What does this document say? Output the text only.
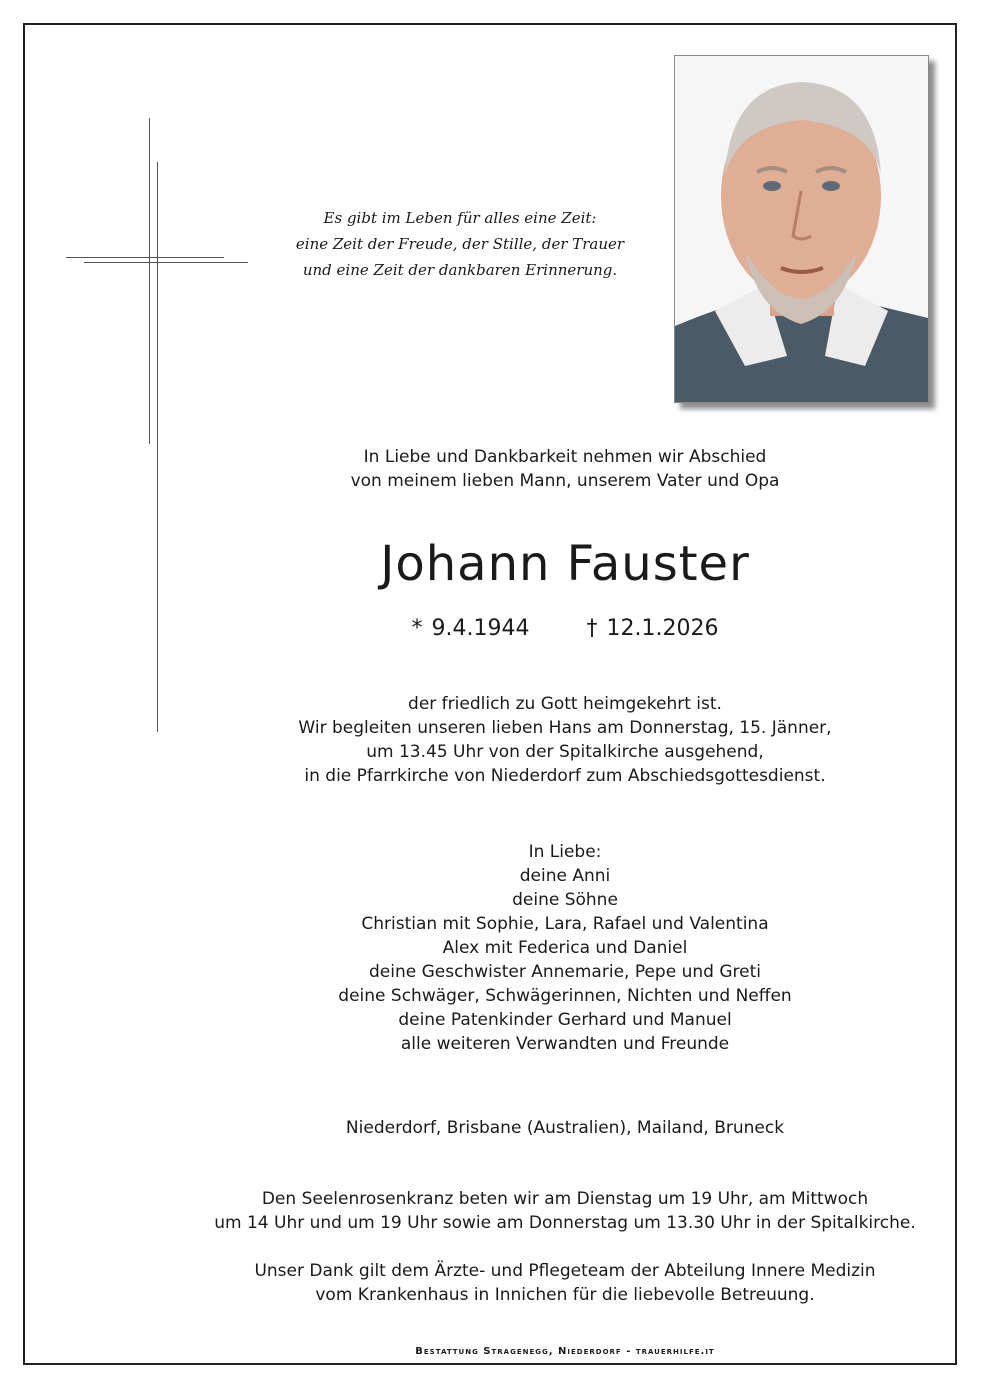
Es gibt im Leben für alles eine Zeit:
eine Zeit der Freude, der Stille, der Trauer
und eine Zeit der dankbaren Erinnerung.
In Liebe und Dankbarkeit nehmen wir Abschied
von meinem lieben Mann, unserem Vater und Opa
Johann Fauster
* 9.4.1944	† 12.1.2026
der friedlich zu Gott heimgekehrt ist.
Wir begleiten unseren lieben Hans am Donnerstag, 15. Jänner,
um 13.45 Uhr von der Spitalkirche ausgehend,
in die Pfarrkirche von Niederdorf zum Abschiedsgottesdienst.
In Liebe:
deine Anni
deine Söhne
Christian mit Sophie, Lara, Rafael und Valentina
Alex mit Federica und Daniel
deine Geschwister Annemarie, Pepe und Greti
deine Schwäger, Schwägerinnen, Nichten und Neffen
deine Patenkinder Gerhard und Manuel
alle weiteren Verwandten und Freunde
Niederdorf, Brisbane (Australien), Mailand, Bruneck
Den Seelenrosenkranz beten wir am Dienstag um 19 Uhr, am Mittwoch
um 14 Uhr und um 19 Uhr sowie am Donnerstag um 13.30 Uhr in der Spitalkirche.
Unser Dank gilt dem Ärzte- und Pflegeteam der Abteilung Innere Medizin
vom Krankenhaus in Innichen für die liebevolle Betreuung.
Bestattung Stragenegg, Niederdorf - trauerhilfe.it
